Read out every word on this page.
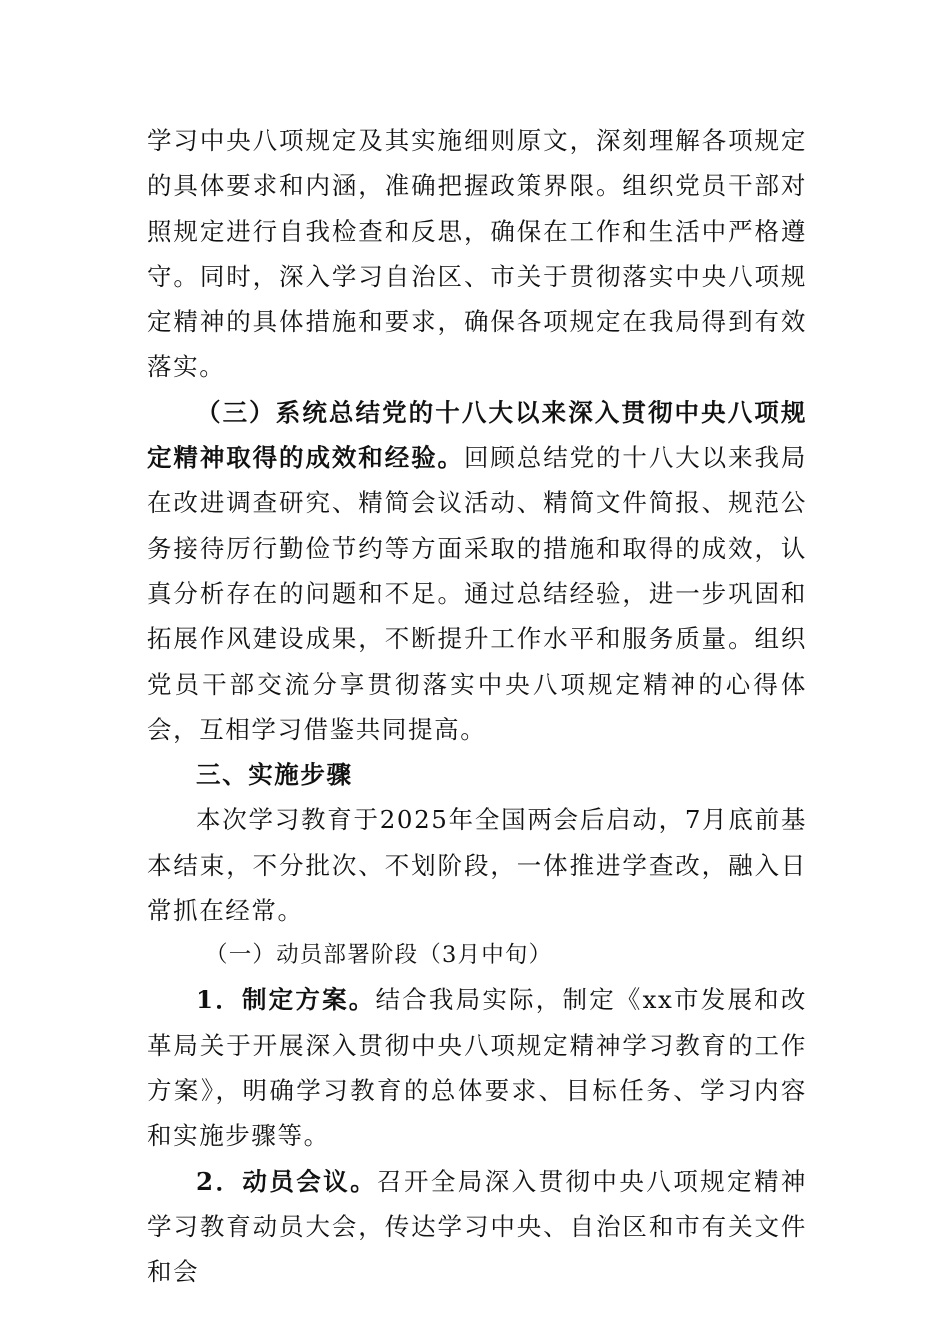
学习中央八项规定及其实施细则原文，深刻理解各项规定的具体要求和内涵，准确把握政策界限。组织党员干部对照规定进行自我检查和反思，确保在工作和生活中严格遵守。同时，深入学习自治区、市关于贯彻落实中央八项规定精神的具体措施和要求，确保各项规定在我局得到有效落实。

（三）系统总结党的十八大以来深入贯彻中央八项规定精神取得的成效和经验。回顾总结党的十八大以来我局在改进调查研究、精简会议活动、精简文件简报、规范公务接待厉行勤俭节约等方面采取的措施和取得的成效，认真分析存在的问题和不足。通过总结经验，进一步巩固和拓展作风建设成果，不断提升工作水平和服务质量。组织党员干部交流分享贯彻落实中央八项规定精神的心得体会，互相学习借鉴共同提高。

三、实施步骤

本次学习教育于2025年全国两会后启动，7月底前基本结束，不分批次、不划阶段，一体推进学查改，融入日常抓在经常。

（一）动员部署阶段（3月中旬）

1．制定方案。结合我局实际，制定《xx市发展和改革局关于开展深入贯彻中央八项规定精神学习教育的工作方案》，明确学习教育的总体要求、目标任务、学习内容和实施步骤等。

2．动员会议。召开全局深入贯彻中央八项规定精神学习教育动员大会，传达学习中央、自治区和市有关文件和会
